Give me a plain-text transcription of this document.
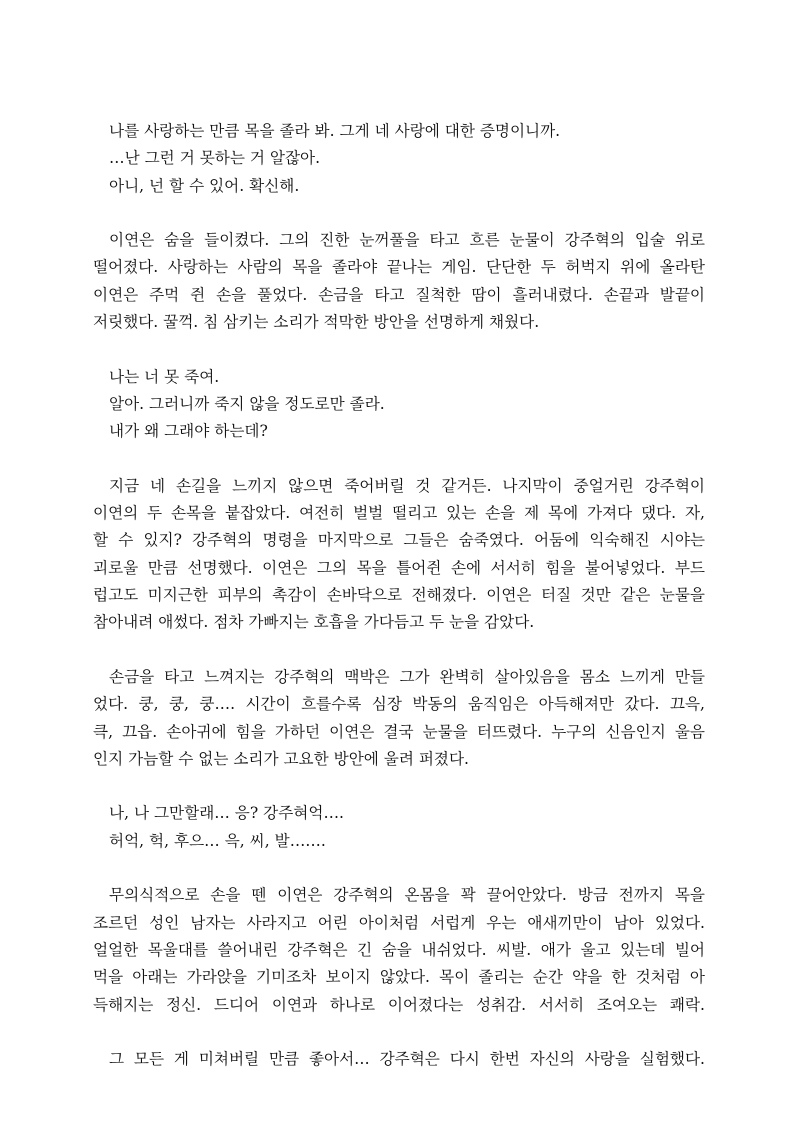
나를 사랑하는 만큼 목을 졸라 봐. 그게 네 사랑에 대한 증명이니까.
…난 그런 거 못하는 거 알잖아.
아니, 넌 할 수 있어. 확신해.
이연은 숨을 들이켰다. 그의 진한 눈꺼풀을 타고 흐른 눈물이 강주혁의 입술 위로
떨어졌다. 사랑하는 사람의 목을 졸라야 끝나는 게임. 단단한 두 허벅지 위에 올라탄
이연은 주먹 쥔 손을 풀었다. 손금을 타고 질척한 땀이 흘러내렸다. 손끝과 발끝이
저릿했다. 꿀꺽. 침 삼키는 소리가 적막한 방안을 선명하게 채웠다.
나는 너 못 죽여.
알아. 그러니까 죽지 않을 정도로만 졸라.
내가 왜 그래야 하는데?
지금 네 손길을 느끼지 않으면 죽어버릴 것 같거든. 나지막이 중얼거린 강주혁이
이연의 두 손목을 붙잡았다. 여전히 벌벌 떨리고 있는 손을 제 목에 가져다 댔다. 자,
할 수 있지? 강주혁의 명령을 마지막으로 그들은 숨죽였다. 어둠에 익숙해진 시야는
괴로울 만큼 선명했다. 이연은 그의 목을 틀어쥔 손에 서서히 힘을 불어넣었다. 부드
럽고도 미지근한 피부의 촉감이 손바닥으로 전해졌다. 이연은 터질 것만 같은 눈물을
참아내려 애썼다. 점차 가빠지는 호흡을 가다듬고 두 눈을 감았다.
손금을 타고 느껴지는 강주혁의 맥박은 그가 완벽히 살아있음을 몸소 느끼게 만들
었다. 쿵, 쿵, 쿵…. 시간이 흐를수록 심장 박동의 움직임은 아득해져만 갔다. 끄윽,
큭, 끄읍. 손아귀에 힘을 가하던 이연은 결국 눈물을 터뜨렸다. 누구의 신음인지 울음
인지 가늠할 수 없는 소리가 고요한 방안에 울려 퍼졌다.
나, 나 그만할래… 응? 강주혀억….
허억, 헉, 후으… 윽, 씨, 발…….
무의식적으로 손을 뗀 이연은 강주혁의 온몸을 꽉 끌어안았다. 방금 전까지 목을
조르던 성인 남자는 사라지고 어린 아이처럼 서럽게 우는 애새끼만이 남아 있었다.
얼얼한 목울대를 쓸어내린 강주혁은 긴 숨을 내쉬었다. 씨발. 애가 울고 있는데 빌어
먹을 아래는 가라앉을 기미조차 보이지 않았다. 목이 졸리는 순간 약을 한 것처럼 아
득해지는 정신. 드디어 이연과 하나로 이어졌다는 성취감. 서서히 조여오는 쾌락.
그 모든 게 미쳐버릴 만큼 좋아서… 강주혁은 다시 한번 자신의 사랑을 실험했다.
